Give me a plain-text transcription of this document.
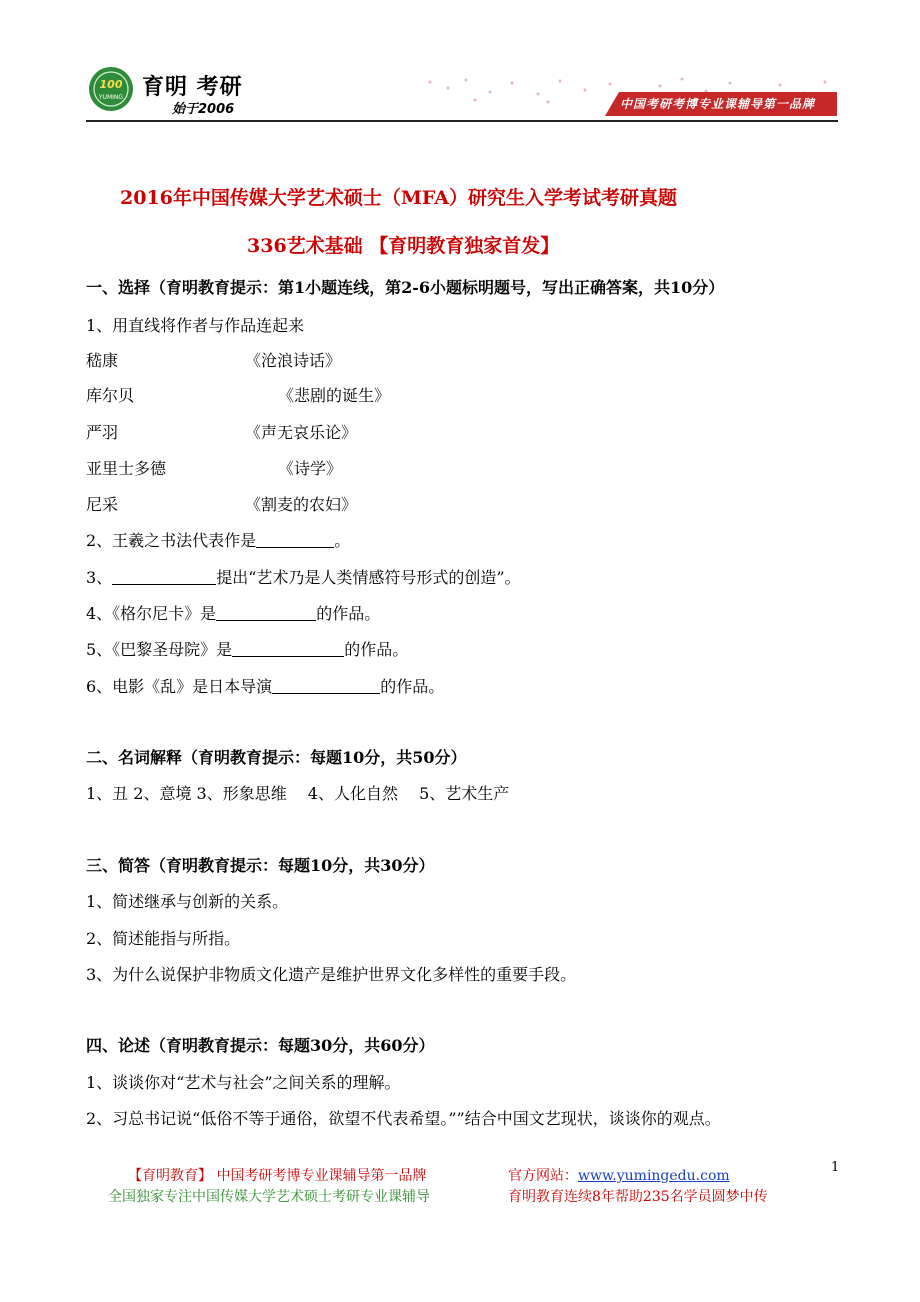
100
YUMING 育明 考研
始于2006	中国考研考博专业课辅导第一品牌
2016年中国传媒大学艺术硕士（MFA）研究生入学考试考研真题
336艺术基础 【育明教育独家首发】
一、选择（育明教育提示：第1小题连线，第2-6小题标明题号，写出正确答案，共10分）
1、用直线将作者与作品连起来
嵇康	《沧浪诗话》
库尔贝	《悲剧的诞生》
严羽	《声无哀乐论》
亚里士多德	《诗学》
尼采	《割麦的农妇》
2、王羲之书法代表作是	。
3、	提出“艺术乃是人类情感符号形式的创造”。
4、《格尔尼卡》是	的作品。
5、《巴黎圣母院》是	的作品。
6、电影《乱》是日本导演	的作品。
二、名词解释（育明教育提示：每题10分，共50分）
1、丑 2、意境 3、形象思维　 4、人化自然　 5、艺术生产
三、简答（育明教育提示：每题10分，共30分）
1、简述继承与创新的关系。
2、简述能指与所指。
3、为什么说保护非物质文化遗产是维护世界文化多样性的重要手段。
四、论述（育明教育提示：每题30分，共60分）
1、谈谈你对“艺术与社会”之间关系的理解。
2、习总书记说“低俗不等于通俗，欲望不代表希望。””结合中国文艺现状，谈谈你的观点。
【育明教育】 中国考研考博专业课辅导第一品牌	官方网站：www.yumingedu.com
1
全国独家专注中国传媒大学艺术硕士考研专业课辅导	育明教育连续8年帮助235名学员圆梦中传
